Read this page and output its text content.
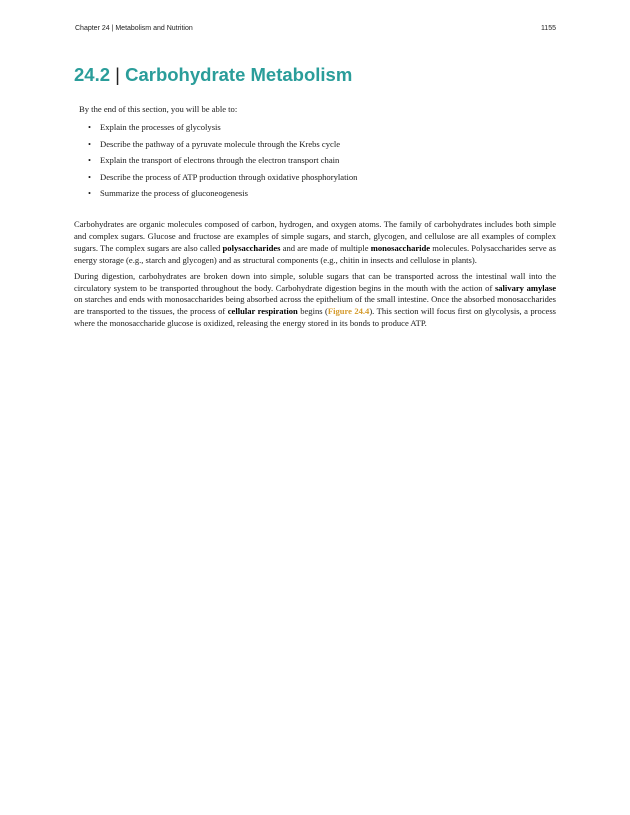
Chapter 24 | Metabolism and Nutrition	1155
24.2 | Carbohydrate Metabolism

By the end of this section, you will be able to:

• Explain the processes of glycolysis
• Describe the pathway of a pyruvate molecule through the Krebs cycle
• Explain the transport of electrons through the electron transport chain
• Describe the process of ATP production through oxidative phosphorylation
• Summarize the process of gluconeogenesis

Carbohydrates are organic molecules composed of carbon, hydrogen, and oxygen atoms. The family of carbohydrates includes both simple and complex sugars. Glucose and fructose are examples of simple sugars, and starch, glycogen, and cellulose are all examples of complex sugars. The complex sugars are also called polysaccharides and are made of multiple monosaccharide molecules. Polysaccharides serve as energy storage (e.g., starch and glycogen) and as structural components (e.g., chitin in insects and cellulose in plants).

During digestion, carbohydrates are broken down into simple, soluble sugars that can be transported across the intestinal wall into the circulatory system to be transported throughout the body. Carbohydrate digestion begins in the mouth with the action of salivary amylase on starches and ends with monosaccharides being absorbed across the epithelium of the small intestine. Once the absorbed monosaccharides are transported to the tissues, the process of cellular respiration begins (Figure 24.4). This section will focus first on glycolysis, a process where the monosaccharide glucose is oxidized, releasing the energy stored in its bonds to produce ATP.
